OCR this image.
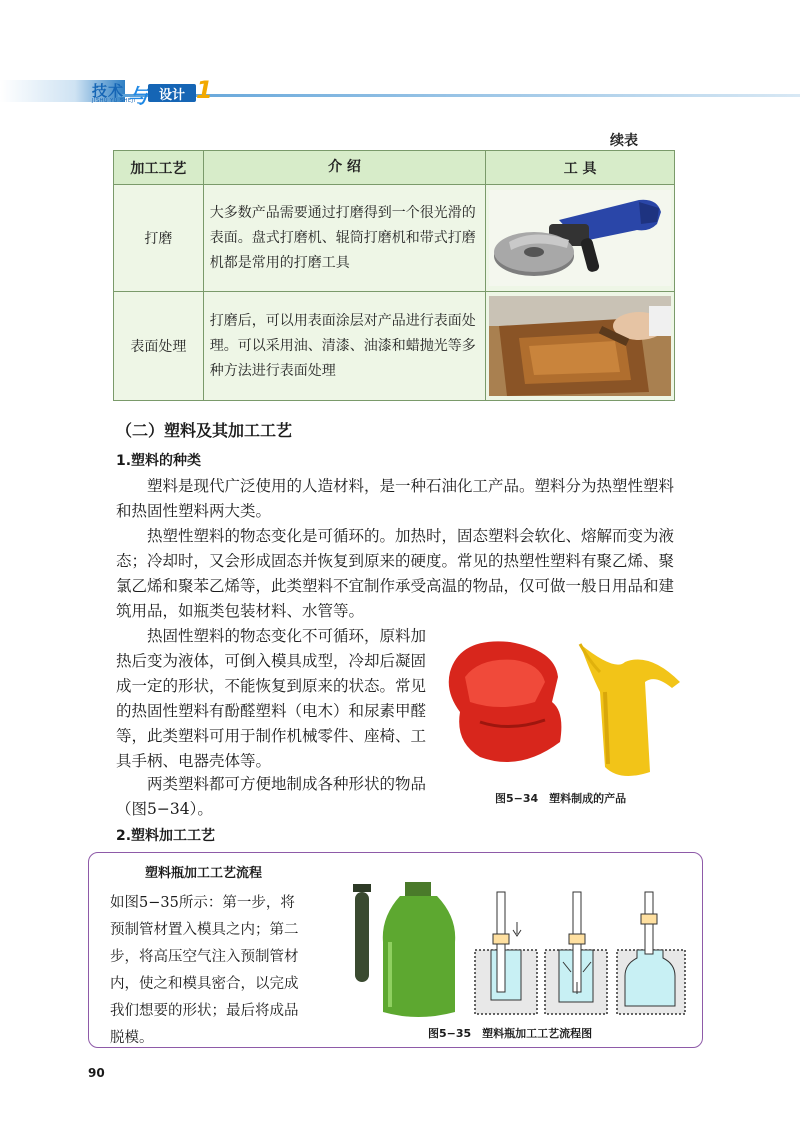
技术
JISHU YU SHEJI
与 设计 1
续表
加工工艺	介 绍	工 具
打磨	大多数产品需要通过打磨得到一个很光滑的表面。盘式打磨机、辊筒打磨机和带式打磨机都是常用的打磨工具	

表面处理	打磨后，可以用表面涂层对产品进行表面处理。可以采用油、清漆、油漆和蜡抛光等多种方法进行表面处理	
（二）塑料及其加工工艺
1.塑料的种类
塑料是现代广泛使用的人造材料，是一种石油化工产品。塑料分为热塑性塑料和热固性塑料两大类。
热塑性塑料的物态变化是可循环的。加热时，固态塑料会软化、熔解而变为液态；冷却时，又会形成固态并恢复到原来的硬度。常见的热塑性塑料有聚乙烯、聚氯乙烯和聚苯乙烯等，此类塑料不宜制作承受高温的物品，仅可做一般日用品和建筑用品，如瓶类包装材料、水管等。
热固性塑料的物态变化不可循环，原料加热后变为液体，可倒入模具成型，冷却后凝固成一定的形状，不能恢复到原来的状态。常见的热固性塑料有酚醛塑料（电木）和尿素甲醛等，此类塑料可用于制作机械零件、座椅、工具手柄、电器壳体等。
两类塑料都可方便地制成各种形状的物品（图5−34）。
图5−34　塑料制成的产品
2.塑料加工工艺
塑料瓶加工工艺流程
如图5−35所示：第一步，将预制管材置入模具之内；第二步，将高压空气注入预制管材内，使之和模具密合，以完成我们想要的形状；最后将成品脱模。	图5−35　塑料瓶加工工艺流程图
90
